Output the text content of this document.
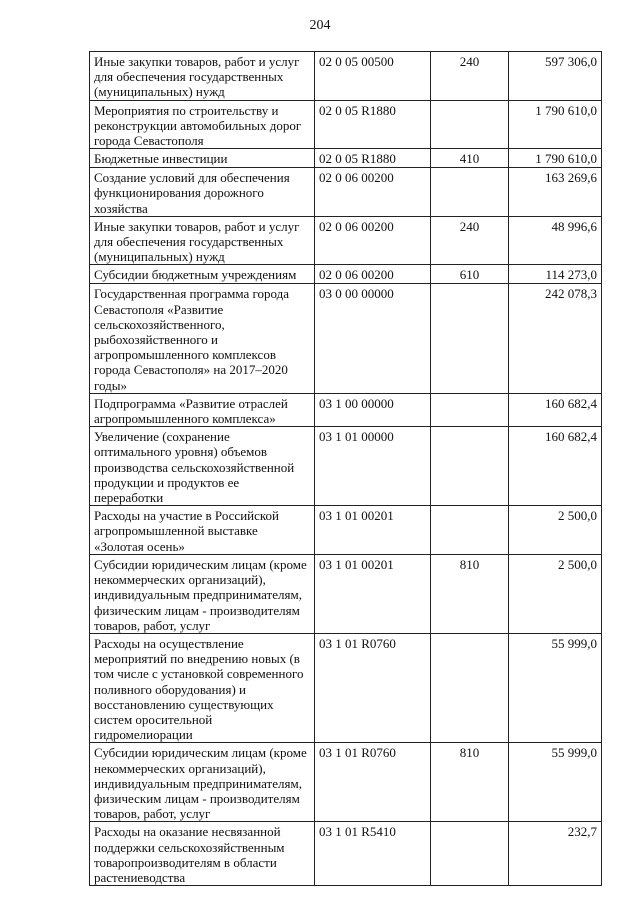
204
Иные закупки товаров, работ и услуг для обеспечения государственных (муниципальных) нужд	02 0 05 00500	240	597 306,0
Мероприятия по строительству и реконструкции автомобильных дорог города Севастополя	02 0 05 R1880		1 790 610,0
Бюджетные инвестиции	02 0 05 R1880	410	1 790 610,0
Создание условий для обеспечения функционирования дорожного хозяйства	02 0 06 00200		163 269,6
Иные закупки товаров, работ и услуг для обеспечения государственных (муниципальных) нужд	02 0 06 00200	240	48 996,6
Субсидии бюджетным учреждениям	02 0 06 00200	610	114 273,0
Государственная программа города Севастополя «Развитие сельскохозяйственного, рыбохозяйственного и агропромышленного комплексов города Севастополя» на 2017–2020 годы»	03 0 00 00000		242 078,3
Подпрограмма «Развитие отраслей агропромышленного комплекса»	03 1 00 00000		160 682,4
Увеличение (сохранение оптимального уровня) объемов производства сельскохозяйственной продукции и продуктов ее переработки	03 1 01 00000		160 682,4
Расходы на участие в Российской агропромышленной выставке «Золотая осень»	03 1 01 00201		2 500,0
Субсидии юридическим лицам (кроме некоммерческих организаций), индивидуальным предпринимателям, физическим лицам - производителям товаров, работ, услуг	03 1 01 00201	810	2 500,0
Расходы на осуществление мероприятий по внедрению новых (в том числе с установкой современного поливного оборудования) и восстановлению существующих систем оросительной гидромелиорации	03 1 01 R0760		55 999,0
Субсидии юридическим лицам (кроме некоммерческих организаций), индивидуальным предпринимателям, физическим лицам - производителям товаров, работ, услуг	03 1 01 R0760	810	55 999,0
Расходы на оказание несвязанной поддержки сельскохозяйственным товаропроизводителям в области растениеводства	03 1 01 R5410		232,7
